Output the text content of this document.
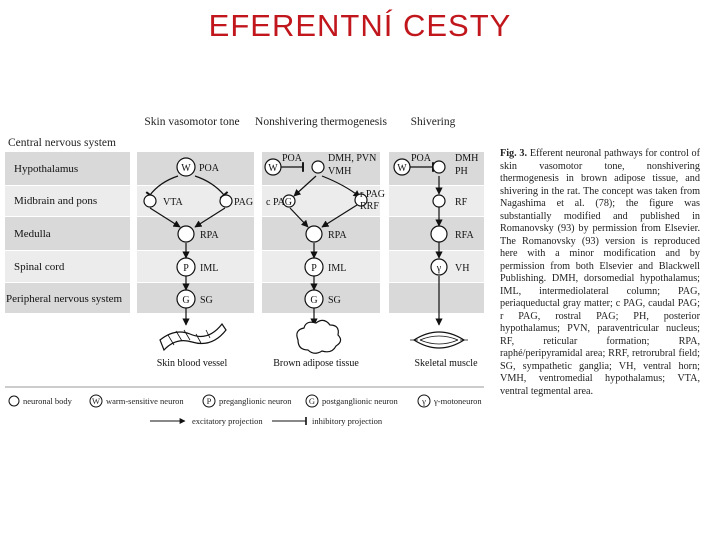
EFERENTNÍ CESTY
Skin vasomotor tone Nonshivering thermogenesis Shivering
Central nervous system
Hypothalamus
Midbrain and pons
Medulla
Spinal cord
Peripheral nervous system
W POA
VTA	PAG
RPA
P IML
G SG
Skin blood vessel
W
POA	DMH, PVN
VMH
c PAG
r PAG
RRF
RPA
P IML
G SG
Brown adipose tissue
W
POA DMH
PH
RF
RFA
γ VH
Skeletal muscle
W	P	G	γ
neuronal body	warm-sensitive neuron	preganglionic neuron	postganglionic neuron	γ-motoneuron
excitatory projection	inhibitory projection
Fig. 3. Efferent neuronal pathways for control of skin vasomotor tone, nonshivering thermogenesis in brown adipose tissue, and shivering in the rat. The concept was taken from Nagashima et al. (78); the figure was substantially modified and published in Romanovsky (93) by permission from Elsevier. The Romanovsky (93) version is reproduced here with a minor modification and by permission from both Elsevier and Blackwell Publishing. DMH, dorsomedial hypothalamus; IML, intermediolateral column; PAG, periaqueductal gray matter; c PAG, caudal PAG; r PAG, rostral PAG; PH, posterior hypothalamus; PVN, paraventricular nucleus; RF, reticular formation; RPA, raphé/peripyramidal area; RRF, retrorubral field; SG, sympathetic ganglia; VH, ventral horn; VMH, ventromedial hypothalamus; VTA, ventral tegmental area.
